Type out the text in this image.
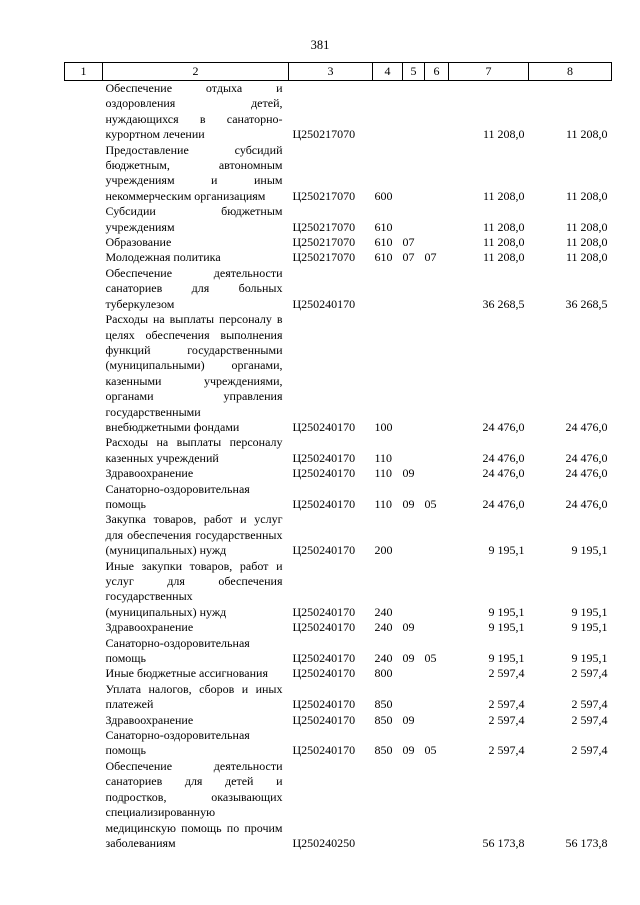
381
1	2	3	4	5	6	7	8
	Обеспечение отдыха и оздоровления детей, нуждающихся в санаторно-курортном лечении	Ц250217070				11 208,0	11 208,0
	Предоставление субсидий бюджетным, автономным учреждениям и иным некоммерческим организациям	Ц250217070	600			11 208,0	11 208,0
	Субсидии бюджетным учреждениям	Ц250217070	610			11 208,0	11 208,0
	Образование	Ц250217070	610	07		11 208,0	11 208,0
	Молодежная политика	Ц250217070	610	07	07	11 208,0	11 208,0
	Обеспечение деятельности санаториев для больных туберкулезом	Ц250240170				36 268,5	36 268,5
	Расходы на выплаты персоналу в целях обеспечения выполнения функций государственными (муниципальными) органами, казенными учреждениями, органами управления государственными внебюджетными фондами	Ц250240170	100			24 476,0	24 476,0
	Расходы на выплаты персоналу казенных учреждений	Ц250240170	110			24 476,0	24 476,0
	Здравоохранение	Ц250240170	110	09		24 476,0	24 476,0
	Санаторно-оздоровительная помощь	Ц250240170	110	09	05	24 476,0	24 476,0
	Закупка товаров, работ и услуг для обеспечения государственных (муниципальных) нужд	Ц250240170	200			9 195,1	9 195,1
	Иные закупки товаров, работ и услуг для обеспечения государственных (муниципальных) нужд	Ц250240170	240			9 195,1	9 195,1
	Здравоохранение	Ц250240170	240	09		9 195,1	9 195,1
	Санаторно-оздоровительная помощь	Ц250240170	240	09	05	9 195,1	9 195,1
	Иные бюджетные ассигнования	Ц250240170	800			2 597,4	2 597,4
	Уплата налогов, сборов и иных платежей	Ц250240170	850			2 597,4	2 597,4
	Здравоохранение	Ц250240170	850	09		2 597,4	2 597,4
	Санаторно-оздоровительная помощь	Ц250240170	850	09	05	2 597,4	2 597,4
	Обеспечение деятельности санаториев для детей и подростков, оказывающих специализированную медицинскую помощь по прочим заболеваниям	Ц250240250				56 173,8	56 173,8
